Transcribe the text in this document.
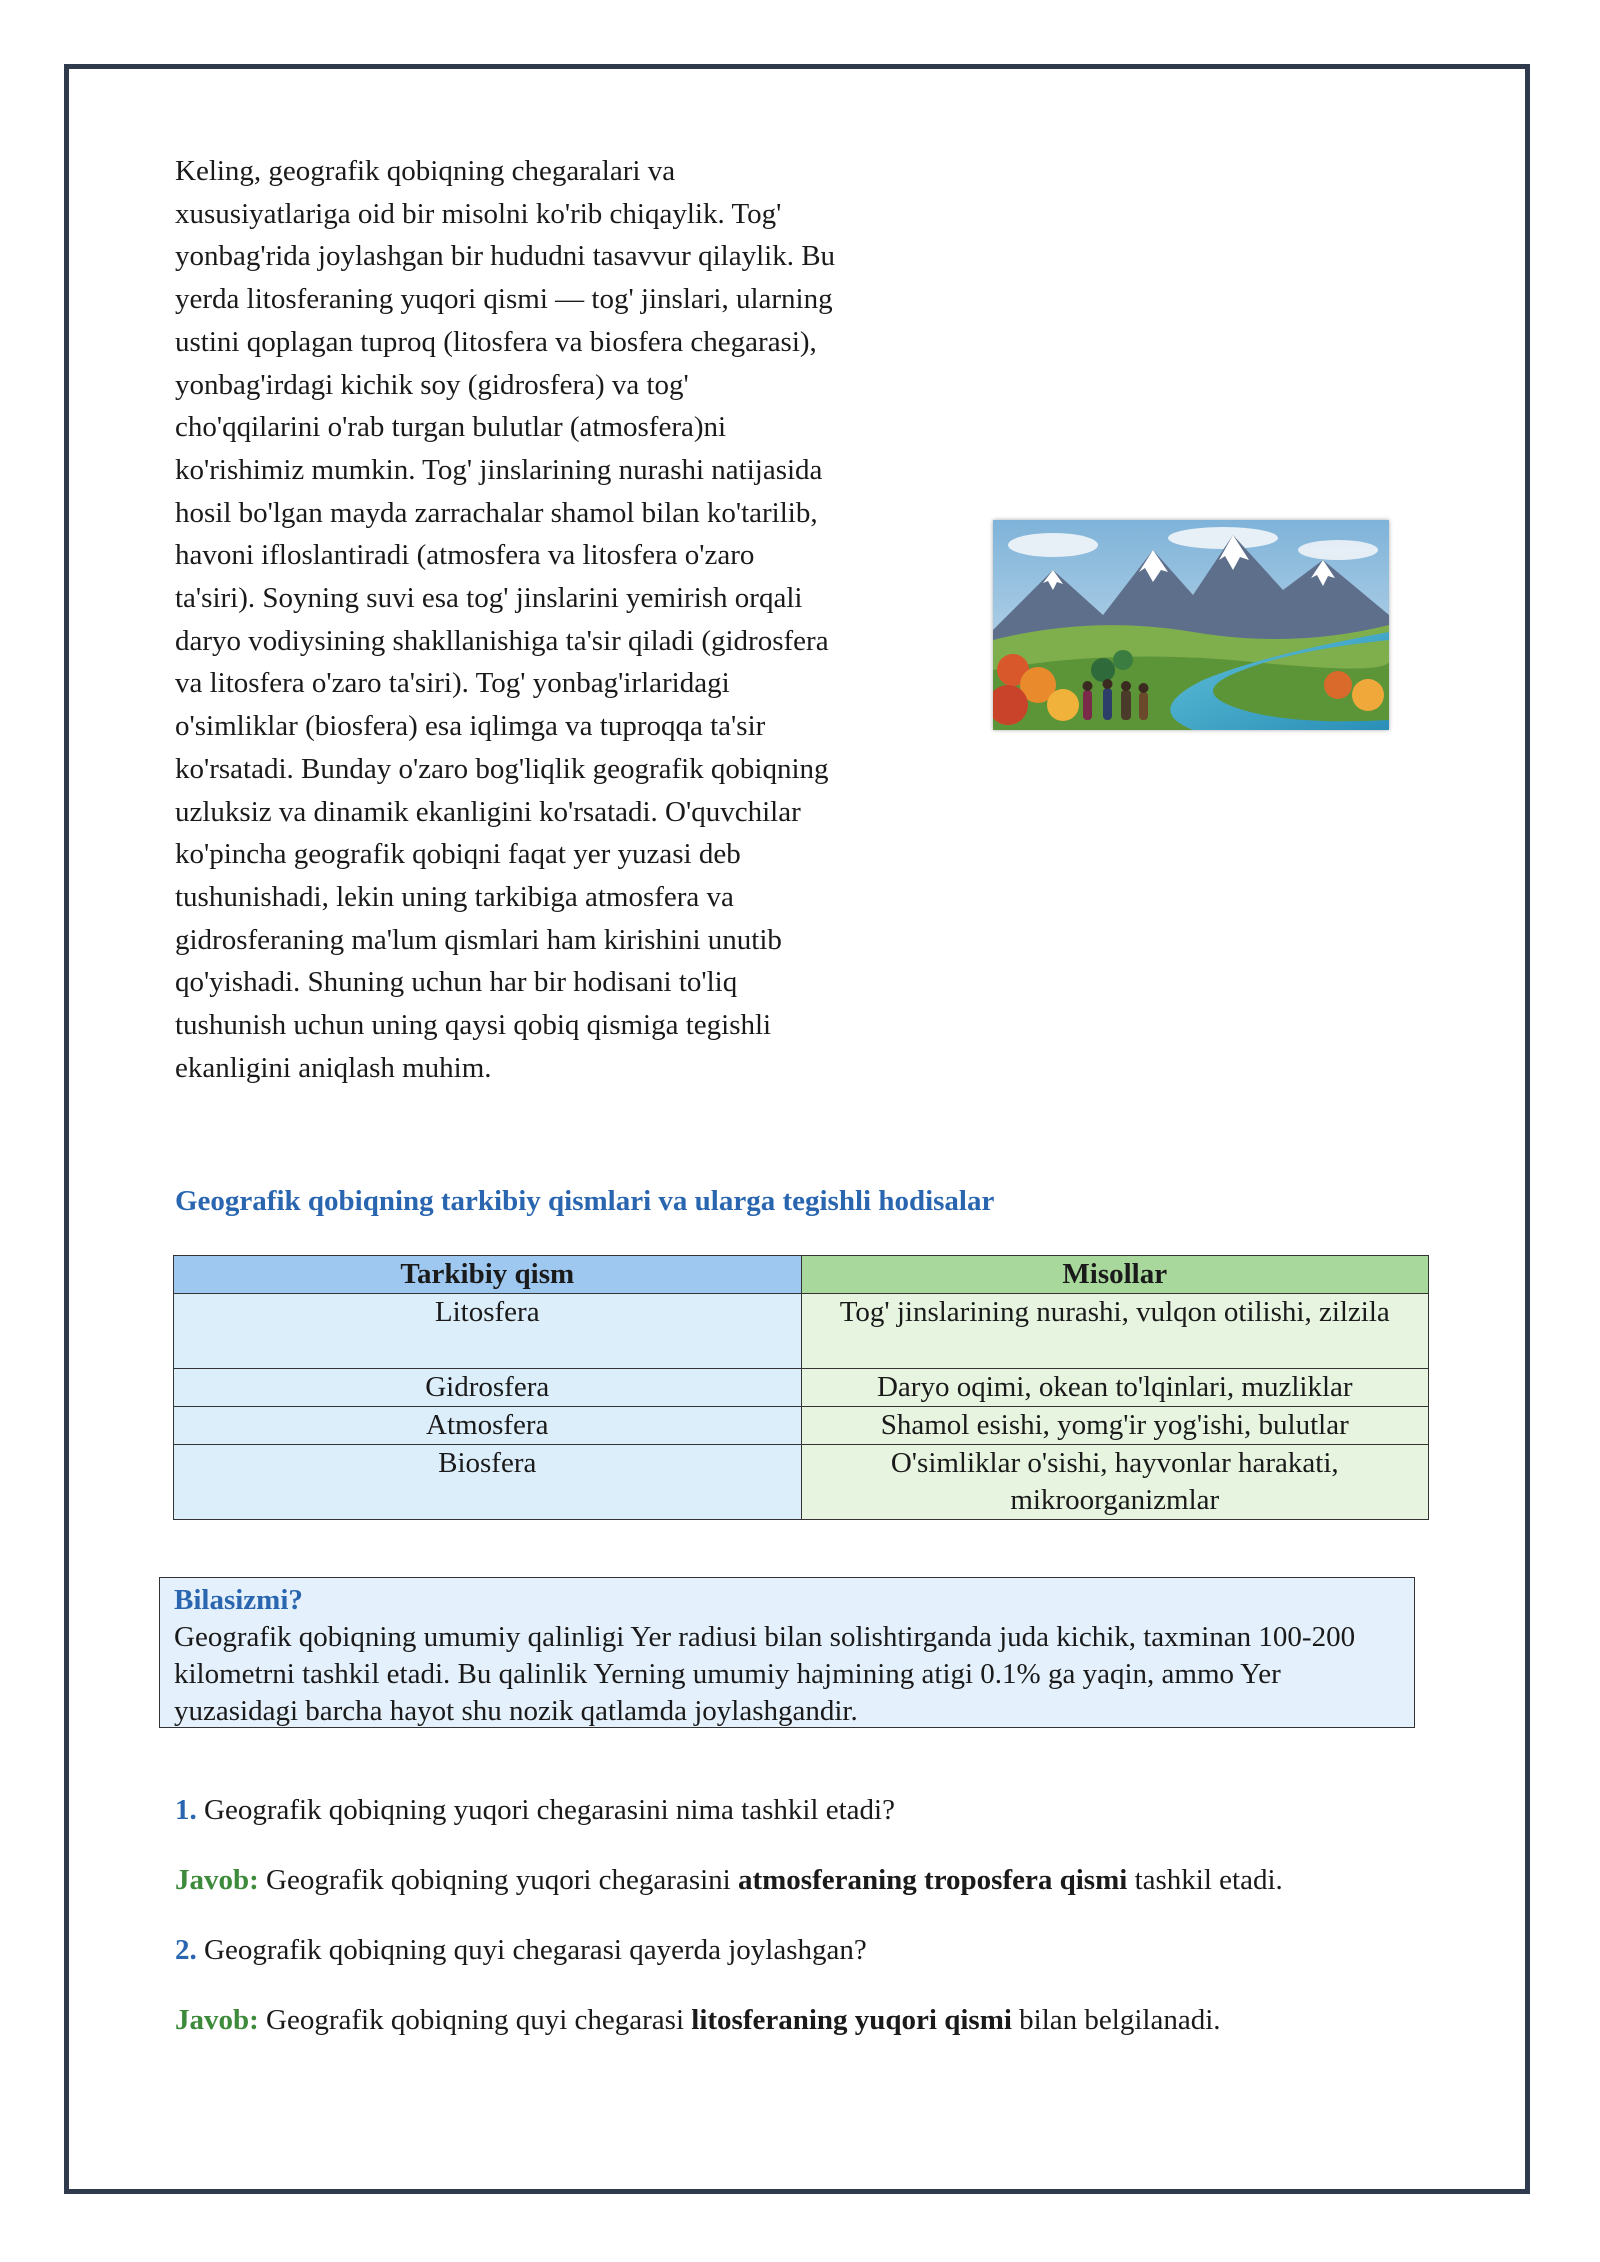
Keling, geografik qobiqning chegaralari va
xususiyatlariga oid bir misolni ko'rib chiqaylik. Tog'
yonbag'rida joylashgan bir hududni tasavvur qilaylik. Bu
yerda litosferaning yuqori qismi — tog' jinslari, ularning
ustini qoplagan tuproq (litosfera va biosfera chegarasi),
yonbag'irdagi kichik soy (gidrosfera) va tog'
cho'qqilarini o'rab turgan bulutlar (atmosfera)ni
ko'rishimiz mumkin. Tog' jinslarining nurashi natijasida
hosil bo'lgan mayda zarrachalar shamol bilan ko'tarilib,
havoni ifloslantiradi (atmosfera va litosfera o'zaro
ta'siri). Soyning suvi esa tog' jinslarini yemirish orqali
daryo vodiysining shakllanishiga ta'sir qiladi (gidrosfera
va litosfera o'zaro ta'siri). Tog' yonbag'irlaridagi
o'simliklar (biosfera) esa iqlimga va tuproqqa ta'sir
ko'rsatadi. Bunday o'zaro bog'liqlik geografik qobiqning
uzluksiz va dinamik ekanligini ko'rsatadi. O'quvchilar
ko'pincha geografik qobiqni faqat yer yuzasi deb
tushunishadi, lekin uning tarkibiga atmosfera va
gidrosferaning ma'lum qismlari ham kirishini unutib
qo'yishadi. Shuning uchun har bir hodisani to'liq
tushunish uchun uning qaysi qobiq qismiga tegishli
ekanligini aniqlash muhim.

Geografik qobiqning tarkibiy qismlari va ularga tegishli hodisalar
Tarkibiy qism	Misollar
Litosfera	Tog' jinslarining nurashi, vulqon otilishi, zilzila
Gidrosfera	Daryo oqimi, okean to'lqinlari, muzliklar
Atmosfera	Shamol esishi, yomg'ir yog'ishi, bulutlar
Biosfera	O'simliklar o'sishi, hayvonlar harakati, mikroorganizmlar
Bilasizmi?
Geografik qobiqning umumiy qalinligi Yer radiusi bilan solishtirganda juda kichik, taxminan 100-200 kilometrni tashkil etadi. Bu qalinlik Yerning umumiy hajmining atigi 0.1% ga yaqin, ammo Yer yuzasidagi barcha hayot shu nozik qatlamda joylashgandir.

1. Geografik qobiqning yuqori chegarasini nima tashkil etadi?

Javob: Geografik qobiqning yuqori chegarasini atmosferaning troposfera qismi tashkil etadi.

2. Geografik qobiqning quyi chegarasi qayerda joylashgan?

Javob: Geografik qobiqning quyi chegarasi litosferaning yuqori qismi bilan belgilanadi.
